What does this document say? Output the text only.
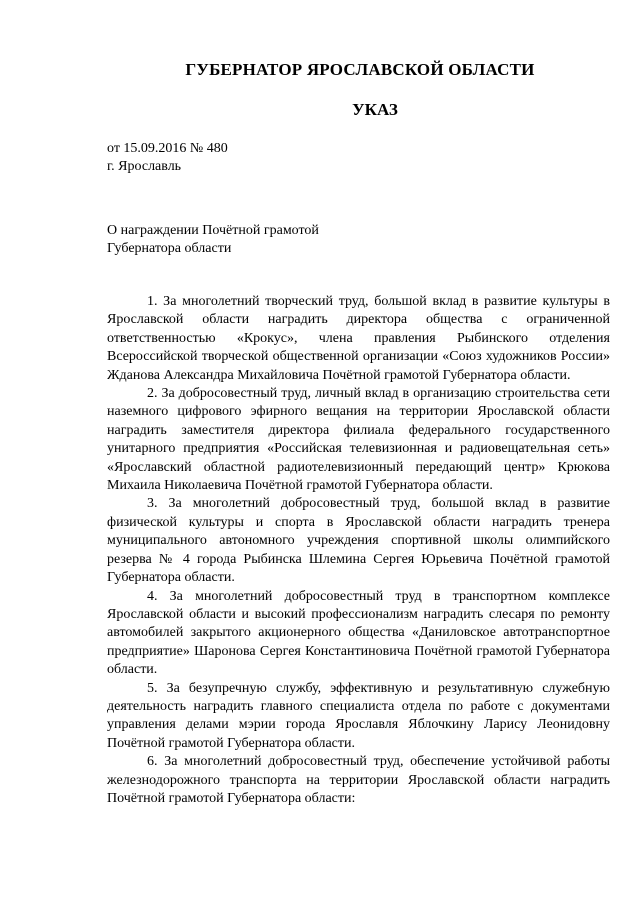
ГУБЕРНАТОР ЯРОСЛАВСКОЙ ОБЛАСТИ
УКАЗ
от 15.09.2016 № 480
г. Ярославль
О награждении Почётной грамотой
Губернатора области

1. За многолетний творческий труд, большой вклад в развитие культуры в Ярославской области наградить директора общества с ограниченной ответственностью «Крокус», члена правления Рыбинского отделения Всероссийской творческой общественной организации «Союз художников России» Жданова Александра Михайловича Почётной грамотой Губернатора области.

2. За добросовестный труд, личный вклад в организацию строительства сети наземного цифрового эфирного вещания на территории Ярославской области наградить заместителя директора филиала федерального государственного унитарного предприятия «Российская телевизионная и радиовещательная сеть» «Ярославский областной радиотелевизионный передающий центр» Крюкова Михаила Николаевича Почётной грамотой Губернатора области.

3. За многолетний добросовестный труд, большой вклад в развитие физической культуры и спорта в Ярославской области наградить тренера муниципального автономного учреждения спортивной школы олимпийского резерва № 4 города Рыбинска Шлемина Сергея Юрьевича Почётной грамотой Губернатора области.

4. За многолетний добросовестный труд в транспортном комплексе Ярославской области и высокий профессионализм наградить слесаря по ремонту автомобилей закрытого акционерного общества «Даниловское автотранспортное предприятие» Шаронова Сергея Константиновича Почётной грамотой Губернатора области.

5. За безупречную службу, эффективную и результативную служебную деятельность наградить главного специалиста отдела по работе с документами управления делами мэрии города Ярославля Яблочкину Ларису Леонидовну Почётной грамотой Губернатора области.

6. За многолетний добросовестный труд, обеспечение устойчивой работы железнодорожного транспорта на территории Ярославской области наградить Почётной грамотой Губернатора области:
